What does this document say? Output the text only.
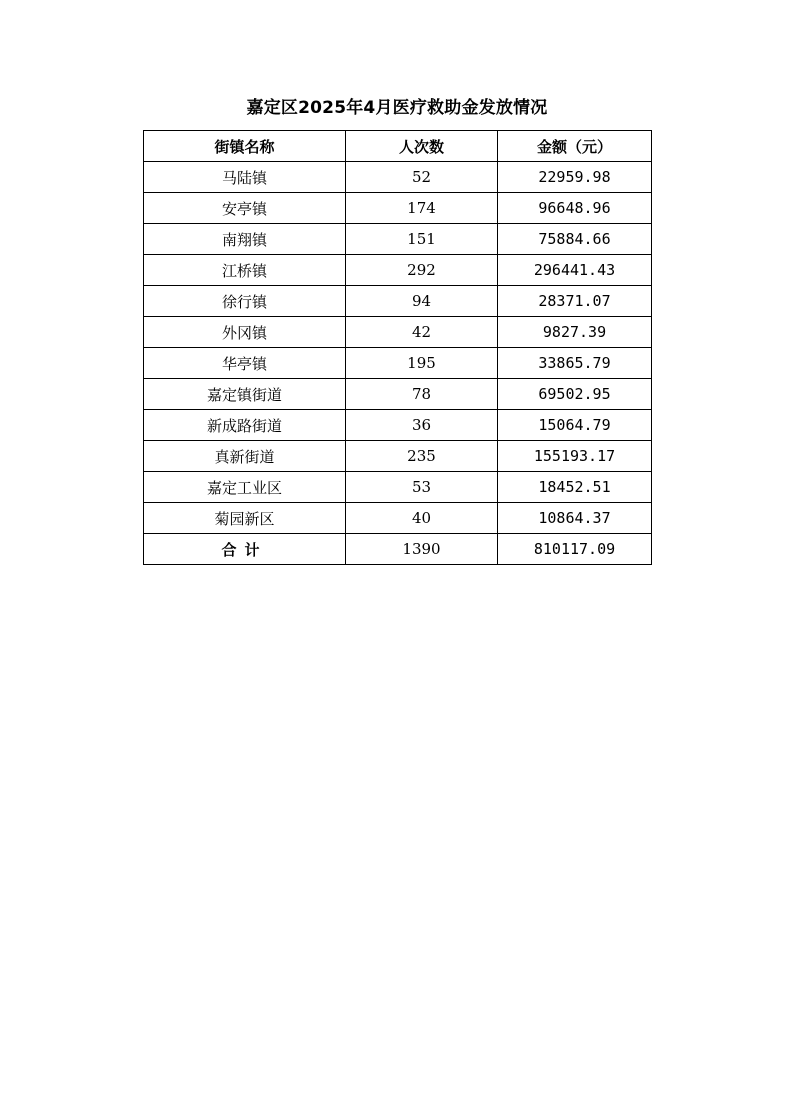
嘉定区2025年4月医疗救助金发放情况
街镇名称	人次数	金额（元）
马陆镇	52	22959.98
安亭镇	174	96648.96
南翔镇	151	75884.66
江桥镇	292	296441.43
徐行镇	94	28371.07
外冈镇	42	9827.39
华亭镇	195	33865.79
嘉定镇街道	78	69502.95
新成路街道	36	15064.79
真新街道	235	155193.17
嘉定工业区	53	18452.51
菊园新区	40	10864.37
合计	1390	810117.09
